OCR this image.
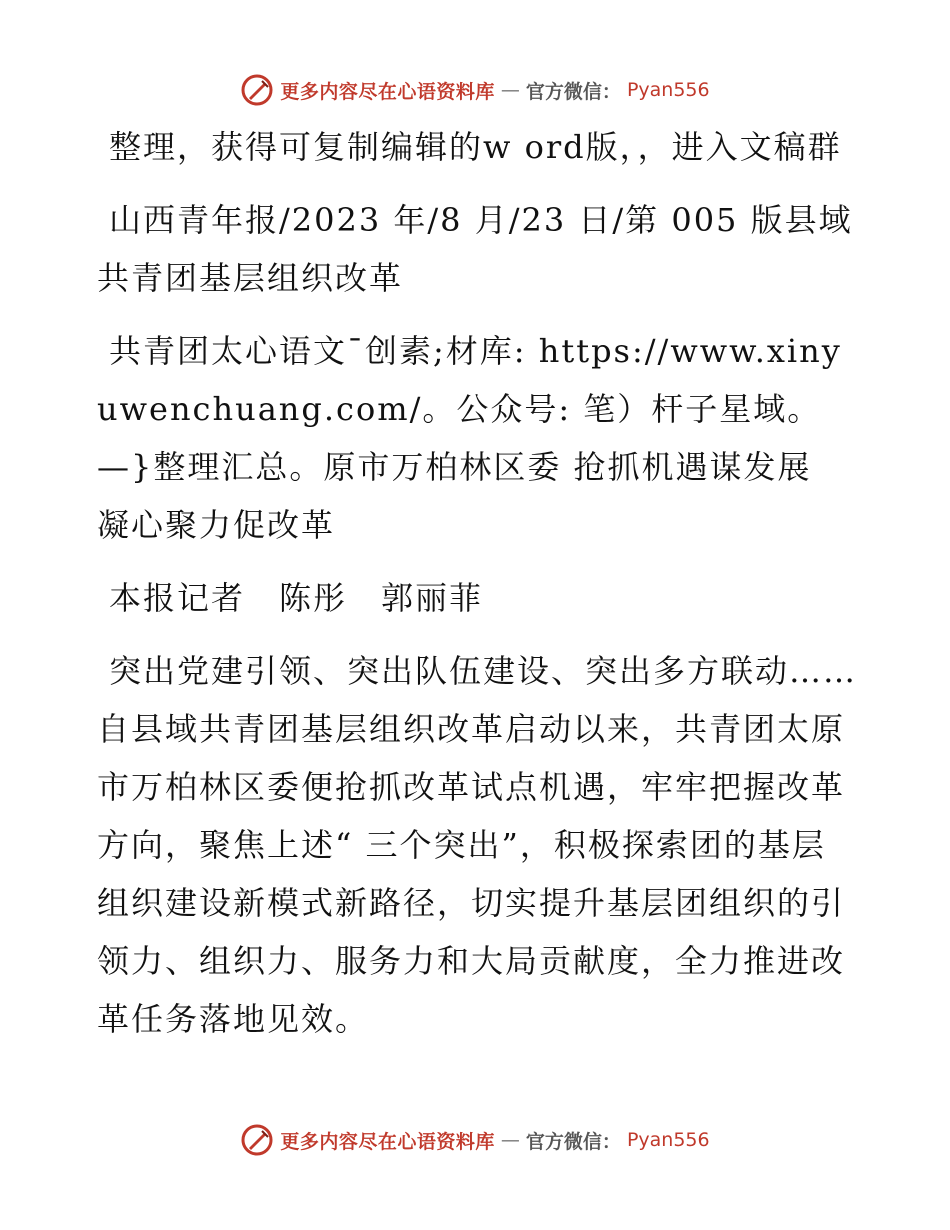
更多内容尽在心语资料库 — 官方微信： Pyan556

整理，获得可复制编辑的w ord版，，进入文稿群

山西青年报/2023 年/8 月/23 日/第 005 版县域共青团基层组织改革

共青团太心语文¯创素;材库: https://www.xinyuwenchuang.com/。公众号: 笔）杆子星域。—}整理汇总。原市万柏林区委 抢抓机遇谋发展 凝心聚力促改革

本报记者　陈彤　郭丽菲

突出党建引领、突出队伍建设、突出多方联动……自县域共青团基层组织改革启动以来，共青团太原市万柏林区委便抢抓改革试点机遇，牢牢把握改革方向，聚焦上述“ 三个突出”，积极探索团的基层组织建设新模式新路径，切实提升基层团组织的引领力、组织力、服务力和大局贡献度，全力推进改革任务落地见效。

更多内容尽在心语资料库 — 官方微信： Pyan556
